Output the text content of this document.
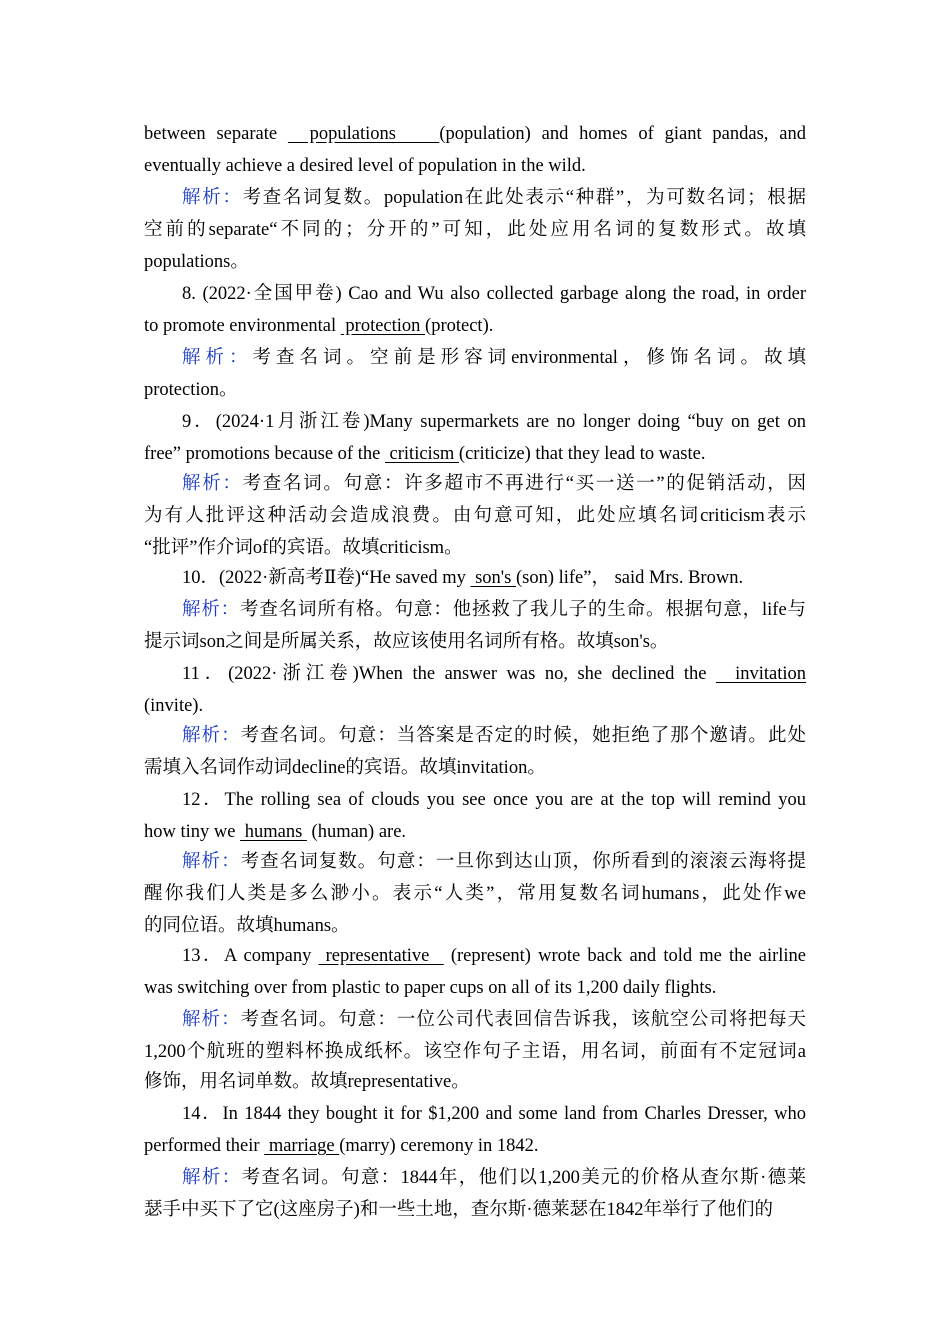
between separate   populations    (population) and homes of giant pandas, and
eventually achieve a desired level of population in the wild.
解析：考查名词复数。population在此处表示“种群”，为可数名词；根据
空前的separate“不同的；分开的”可知，此处应用名词的复数形式。故填
populations。
8. (2022·全国甲卷) Cao and Wu also collected garbage along the road, in order
to promote environmental  protection (protect).
解析：考查名词。空前是形容词environmental，修饰名词。故填
protection。
9．(2024·1月浙江卷)Many supermarkets are no longer doing “buy on get on
free” promotions because of the  criticism (criticize) that they lead to waste.
解析：考查名词。句意：许多超市不再进行“买一送一”的促销活动，因
为有人批评这种活动会造成浪费。由句意可知，此处应填名词criticism表示
“批评”作介词of的宾语。故填criticism。
10．(2022·新高考Ⅱ卷)“He saved my  son's (son) life”， said Mrs. Brown.
解析：考查名词所有格。句意：他拯救了我儿子的生命。根据句意，life与
提示词son之间是所属关系，故应该使用名词所有格。故填son's。
11．(2022·浙江卷)When the answer was no, she declined the   invitation
(invite).
解析：考查名词。句意：当答案是否定的时候，她拒绝了那个邀请。此处
需填入名词作动词decline的宾语。故填invitation。
12．The rolling sea of clouds you see once you are at the top will remind you
how tiny we  humans  (human) are.
解析：考查名词复数。句意：一旦你到达山顶，你所看到的滚滚云海将提
醒你我们人类是多么渺小。表示“人类”，常用复数名词humans，此处作we
的同位语。故填humans。
13．A company  representative   (represent) wrote back and told me the airline
was switching over from plastic to paper cups on all of its 1,200 daily flights.
解析：考查名词。句意：一位公司代表回信告诉我，该航空公司将把每天
1,200个航班的塑料杯换成纸杯。该空作句子主语，用名词，前面有不定冠词a
修饰，用名词单数。故填representative。
14．In 1844 they bought it for $1,200 and some land from Charles Dresser, who
performed their  marriage (marry) ceremony in 1842.
解析：考查名词。句意：1844年，他们以1,200美元的价格从查尔斯·德莱
瑟手中买下了它(这座房子)和一些土地，查尔斯·德莱瑟在1842年举行了他们的
